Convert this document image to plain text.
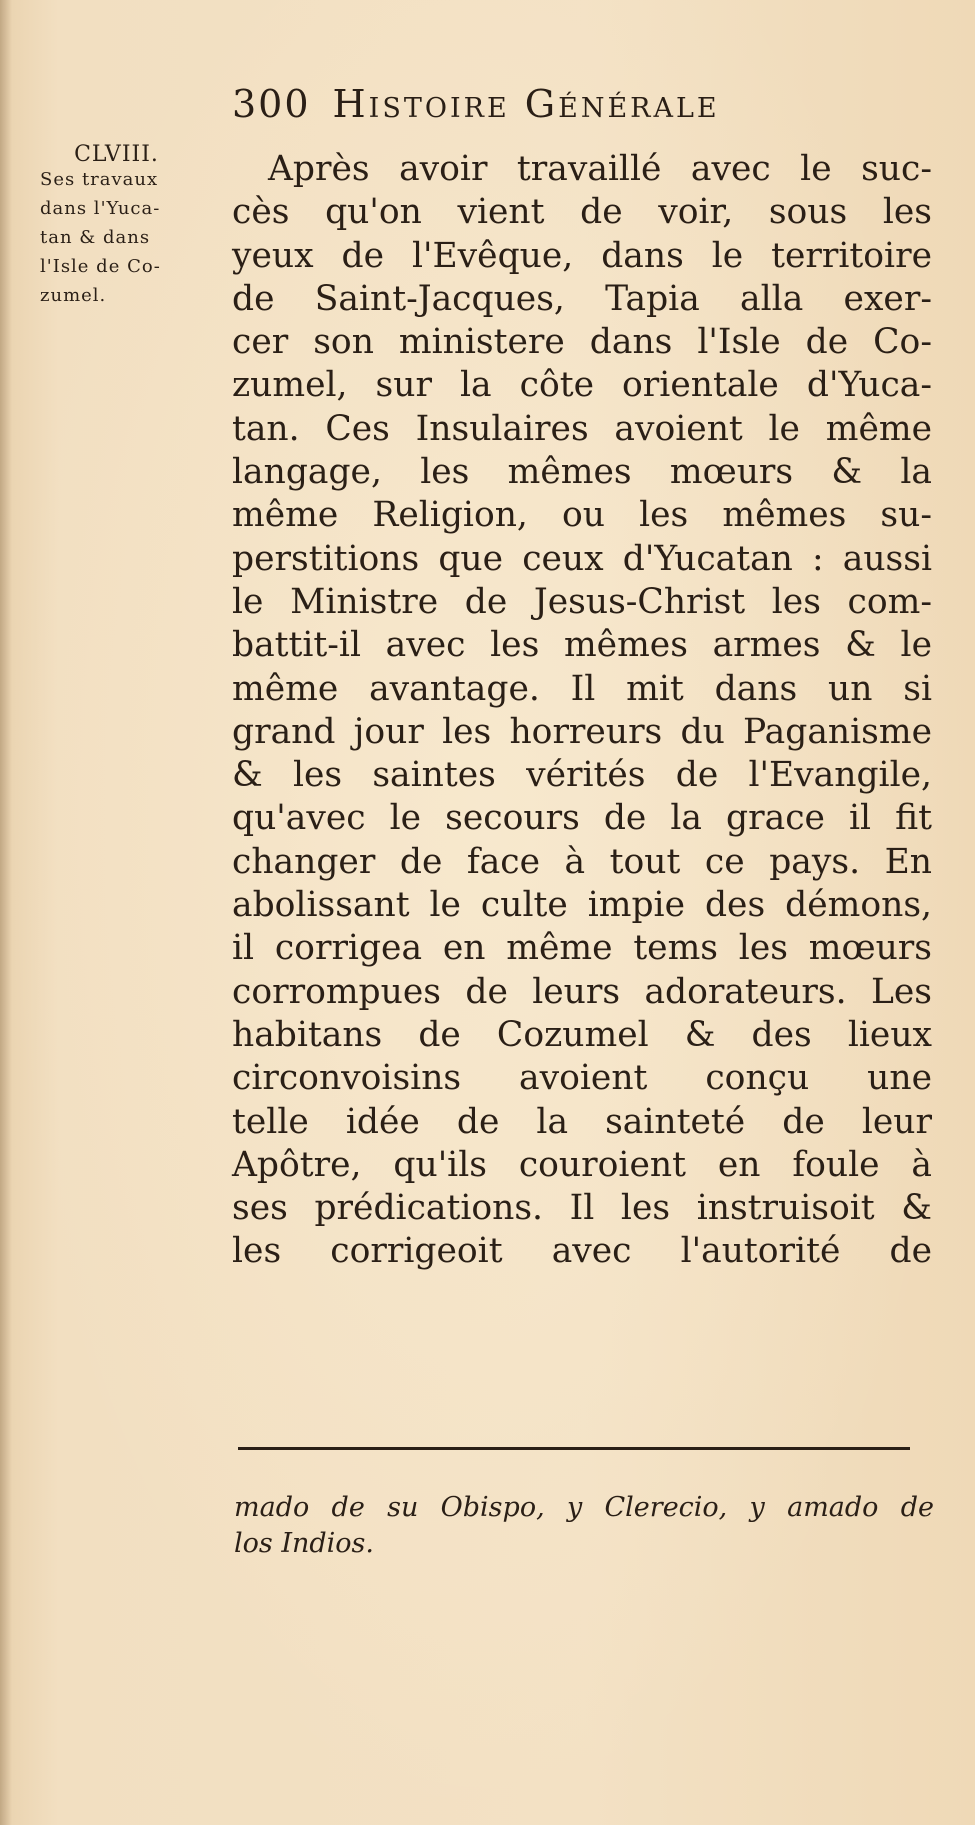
300 Histoire Générale
CLVIII.
Ses travaux
dans l'Yuca-
tan & dans
l'Isle de Co-
zumel.
Après avoir travaillé avec le suc-
cès qu'on vient de voir, sous les
yeux de l'Evêque, dans le territoire
de Saint-Jacques, Tapia alla exer-
cer son ministere dans l'Isle de Co-
zumel, sur la côte orientale d'Yuca-
tan. Ces Insulaires avoient le même
langage, les mêmes mœurs & la
même Religion, ou les mêmes su-
perstitions que ceux d'Yucatan : aussi
le Ministre de Jesus-Christ les com-
battit-il avec les mêmes armes & le
même avantage. Il mit dans un si
grand jour les horreurs du Paganisme
& les saintes vérités de l'Evangile,
qu'avec le secours de la grace il fit
changer de face à tout ce pays. En
abolissant le culte impie des démons,
il corrigea en même tems les mœurs
corrompues de leurs adorateurs. Les
habitans de Cozumel & des lieux
circonvoisins avoient conçu une
telle idée de la sainteté de leur
Apôtre, qu'ils couroient en foule à
ses prédications. Il les instruisoit &
les corrigeoit avec l'autorité de
mado de su Obispo, y Clerecio, y amado de
los Indios.
